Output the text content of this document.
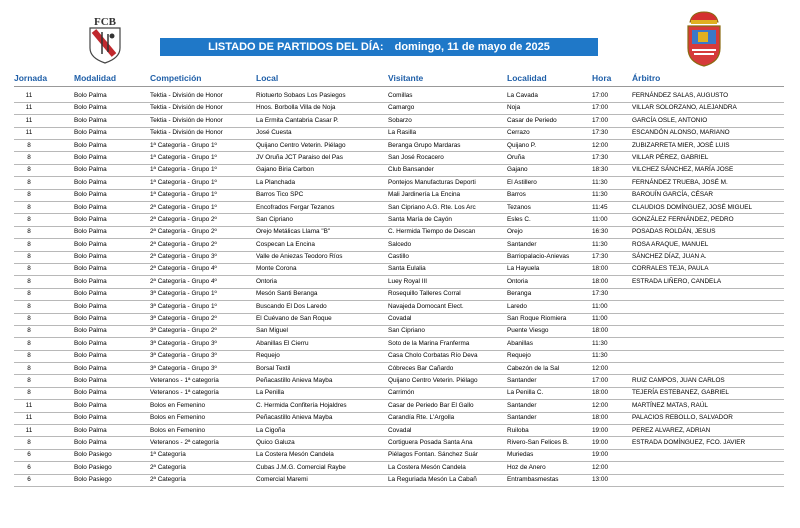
FCB
LISTADO DE PARTIDOS DEL DÍA: domingo, 11 de mayo de 2025
Jornada	Modalidad	Competición	Local	Visitante	Localidad	Hora Árbitro
11	Bolo Palma	Tektia - División de Honor	Riotuerto Sobaos Los Pasiegos	Comillas	La Cavada	17:00	FERNÁNDEZ SALAS, AUGUSTO
11	Bolo Palma	Tektia - División de Honor	Hnos. Borbolla Villa de Noja	Camargo	Noja	17:00	VILLAR SOLORZANO, ALEJANDRA
11	Bolo Palma	Tektia - División de Honor	La Ermita Cantabria Casar P.	Sobarzo	Casar de Periedo	17:00	GARCÍA OSLE, ANTONIO
11	Bolo Palma	Tektia - División de Honor	José Cuesta	La Rasilla	Cerrazo	17:30	ESCANDÓN ALONSO, MARIANO
8	Bolo Palma	1ª Categoría - Grupo 1º	Quijano Centro Veterin. Piélago	Beranga Grupo Mardaras	Quijano P.	12:00	ZUBIZARRETA MIER, JOSÉ LUIS
8	Bolo Palma	1ª Categoría - Grupo 1º	JV Oruña JCT Paraiso del Pas	San José Rocacero	Oruña	17:30	VILLAR PÉREZ, GABRIEL
8	Bolo Palma	1ª Categoría - Grupo 1º	Gajano Biria Carbon	Club Bansander	Gajano	18:30	VILCHEZ SÁNCHEZ, MARÍA JOSE
8	Bolo Palma	1ª Categoría - Grupo 1º	La Planchada	Pontejos Manufacturas Deporti	El Astillero	11:30	FERNÁNDEZ TRUEBA, JOSÉ M.
8	Bolo Palma	1ª Categoría - Grupo 1º	Barros Tico SPC	Mali Jardinería La Encina	Barros	11:30	BAROUÍN GARCÍA, CÉSAR
8	Bolo Palma	2ª Categoría - Grupo 1º	Encofrados Fergar Tezanos	San Cipriano A.G. Rte. Los Arc	Tezanos	11:45	CLAUDIOS DOMÍNGUEZ, JOSÉ MIGUEL
8	Bolo Palma	2ª Categoría - Grupo 2º	San Cipriano	Santa María de Cayón	Esles C.	11:00	GONZÁLEZ FERNÁNDEZ, PEDRO
8	Bolo Palma	2ª Categoría - Grupo 2º	Orejo Metálicas Llama "B"	C. Hermida Tiempo de Descan	Orejo	16:30	POSADAS ROLDÁN, JESUS
8	Bolo Palma	2ª Categoría - Grupo 2º	Cospecan La Encina	Salcedo	Santander	11:30	ROSA ARAQUE, MANUEL
8	Bolo Palma	2ª Categoría - Grupo 3º	Valle de Aniezas Teodoro Ríos	Castillo	Barriopalacio-Anievas	17:30	SÁNCHEZ DÍAZ, JUAN A.
8	Bolo Palma	2ª Categoría - Grupo 4º	Monte Corona	Santa Eulalia	La Hayuela	18:00	CORRALES TEJA, PAULA
8	Bolo Palma	2ª Categoría - Grupo 4º	Ontoria	Luey Royal III	Ontoria	18:00	ESTRADA LIÑERO, CANDELA
8	Bolo Palma	3ª Categoría - Grupo 1º	Mesón Santi Beranga	Rosequillo Talleres Corral	Beranga	17:30
8	Bolo Palma	3ª Categoría - Grupo 1º	Buscando El Dos Laredo	Navajeda Domocant Elect.	Laredo	11:00
8	Bolo Palma	3ª Categoría - Grupo 2º	El Cuévano de San Roque	Covadal	San Roque Riomiera	11:00
8	Bolo Palma	3ª Categoría - Grupo 2º	San Miguel	San Cipriano	Puente Viesgo	18:00
8	Bolo Palma	3ª Categoría - Grupo 3º	Abanillas El Cierru	Soto de la Marina Franferma	Abanillas	11:30
8	Bolo Palma	3ª Categoría - Grupo 3º	Requejo	Casa Cholo Corbatas Río Deva	Requejo	11:30
8	Bolo Palma	3ª Categoría - Grupo 3º	Borsal Textil	Cóbreces Bar Cañardo	Cabezón de la Sal	12:00
8	Bolo Palma	Veteranos - 1ª categoría	Peñacastillo Anieva Mayba	Quijano Centro Veterin. Piélago	Santander	17:00	RUIZ CAMPOS, JUAN CARLOS
8	Bolo Palma	Veteranos - 1ª categoría	La Penilla	Carrimón	La Penilla C.	18:00	TEJERÍA ESTEBANEZ, GABRIEL
11	Bolo Palma	Bolos en Femenino	C. Hermida Confitería Hojaldres	Casar de Periedo Bar El Gallo	Santander	12:00	MARTÍNEZ MATAS, RAÚL
11	Bolo Palma	Bolos en Femenino	Peñacastillo Anieva Mayba	Carandía Rte. L'Argolla	Santander	18:00	PALACIOS REBOLLO, SALVADOR
11	Bolo Palma	Bolos en Femenino	La Cigoña	Covadal	Ruiloba	19:00	PEREZ ALVAREZ, ADRIAN
8	Bolo Palma	Veteranos - 2ª categoría	Quico Galuza	Cortiguera Posada Santa Ana	Rivero-San Felices B.	19:00	ESTRADA DOMÍNGUEZ, FCO. JAVIER
6	Bolo Pasiego	1ª Categoría	La Costera Mesón Candela	Piélagos Fontan. Sánchez Suár	Muriedas	19:00
6	Bolo Pasiego	2ª Categoría	Cubas J.M.G. Comercial Raybe	La Costera Mesón Candela	Hoz de Anero	12:00
6	Bolo Pasiego	2ª Categoría	Comercial Maremi	La Reguriada Mesón La Cabañ	Entrambasmestas	13:00
